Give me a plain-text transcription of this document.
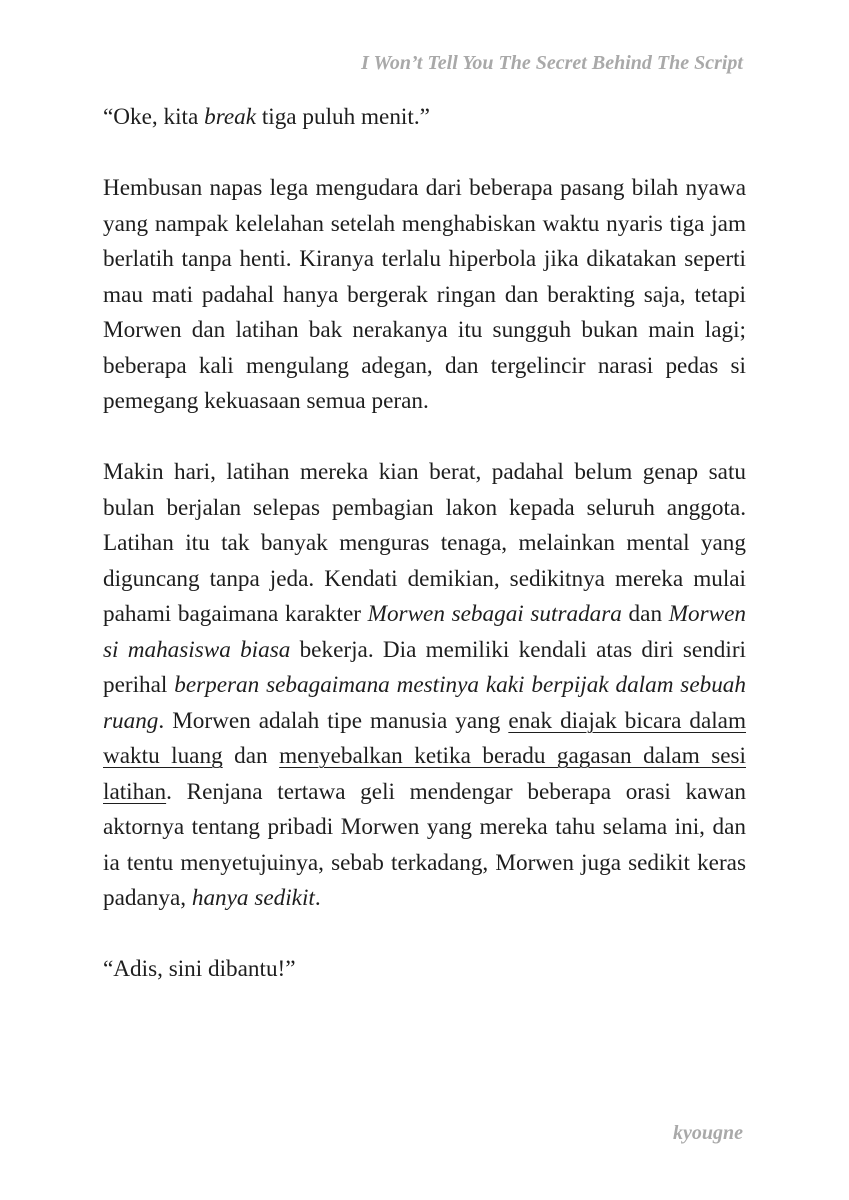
I Won’t Tell You The Secret Behind The Script

“Oke, kita break tiga puluh menit.”

Hembusan napas lega mengudara dari beberapa pasang bilah nyawa yang nampak kelelahan setelah menghabiskan waktu nyaris tiga jam berlatih tanpa henti. Kiranya terlalu hiperbola jika dikatakan seperti mau mati padahal hanya bergerak ringan dan berakting saja, tetapi Morwen dan latihan bak nerakanya itu sungguh bukan main lagi; beberapa kali mengulang adegan, dan tergelincir narasi pedas si pemegang kekuasaan semua peran.

Makin hari, latihan mereka kian berat, padahal belum genap satu bulan berjalan selepas pembagian lakon kepada seluruh anggota. Latihan itu tak banyak menguras tenaga, melainkan mental yang diguncang tanpa jeda. Kendati demikian, sedikitnya mereka mulai pahami bagaimana karakter Morwen sebagai sutradara dan Morwen si mahasiswa biasa bekerja. Dia memiliki kendali atas diri sendiri perihal berperan sebagaimana mestinya kaki berpijak dalam sebuah ruang. Morwen adalah tipe manusia yang enak diajak bicara dalam waktu luang dan menyebalkan ketika beradu gagasan dalam sesi latihan. Renjana tertawa geli mendengar beberapa orasi kawan aktornya tentang pribadi Morwen yang mereka tahu selama ini, dan ia tentu menyetujuinya, sebab terkadang, Morwen juga sedikit keras padanya, hanya sedikit.

“Adis, sini dibantu!”

kyougne
